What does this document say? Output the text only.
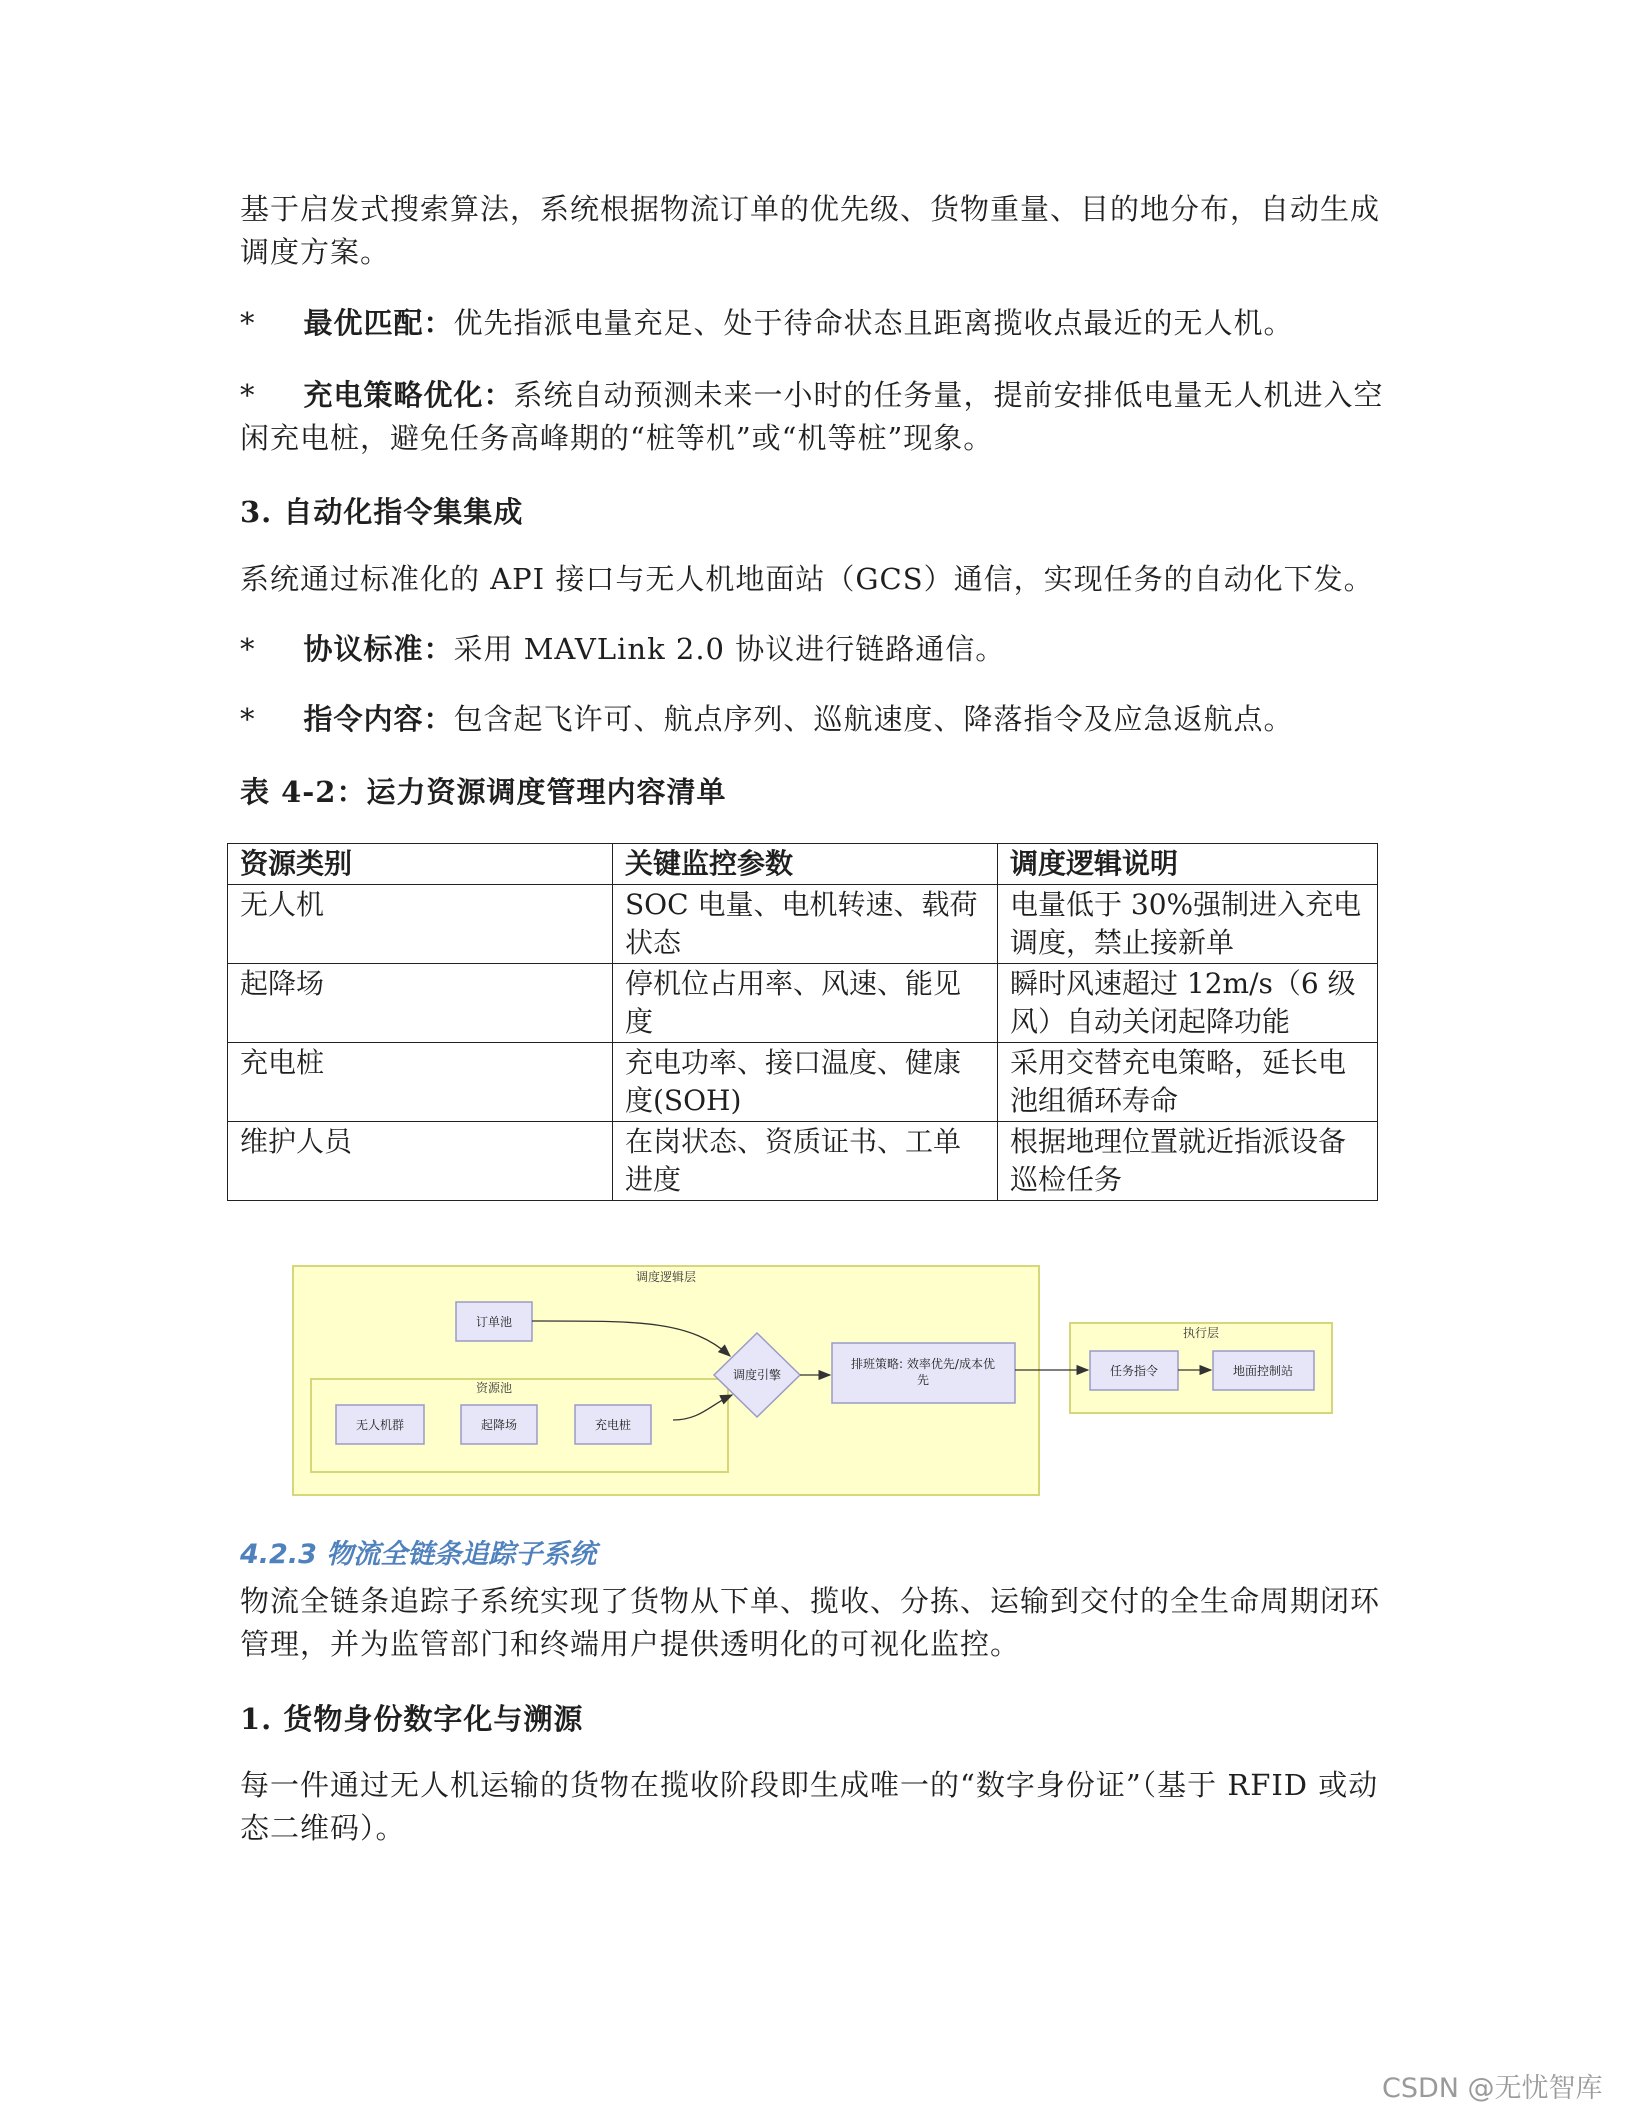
基于启发式搜索算法，系统根据物流订单的优先级、货物重量、目的地分布，自动生成调度方案。
* 最优匹配：优先指派电量充足、处于待命状态且距离揽收点最近的无人机。
* 充电策略优化：系统自动预测未来一小时的任务量，提前安排低电量无人机进入空闲充电桩，避免任务高峰期的“桩等机”或“机等桩”现象。
3. 自动化指令集集成
系统通过标准化的 API 接口与无人机地面站（GCS）通信，实现任务的自动化下发。
* 协议标准：采用 MAVLink 2.0 协议进行链路通信。
* 指令内容：包含起飞许可、航点序列、巡航速度、降落指令及应急返航点。
表 4-2：运力资源调度管理内容清单
资源类别	关键监控参数	调度逻辑说明
无人机	SOC 电量、电机转速、载荷状态	电量低于 30%强制进入充电调度，禁止接新单
起降场	停机位占用率、风速、能见度	瞬时风速超过 12m/s（6 级风）自动关闭起降功能
充电桩	充电功率、接口温度、健康度(SOH)	采用交替充电策略，延长电池组循环寿命
维护人员	在岗状态、资质证书、工单进度	根据地理位置就近指派设备巡检任务
调度逻辑层
订单池
资源池
无人机群	起降场	充电桩
调度引擎
排班策略: 效率优先/成本优
先
执行层
任务指令	地面控制站
4.2.3 物流全链条追踪子系统
物流全链条追踪子系统实现了货物从下单、揽收、分拣、运输到交付的全生命周期闭环管理，并为监管部门和终端用户提供透明化的可视化监控。
1. 货物身份数字化与溯源
每一件通过无人机运输的货物在揽收阶段即生成唯一的“数字身份证”（基于 RFID 或动态二维码）。
CSDN @无忧智库
